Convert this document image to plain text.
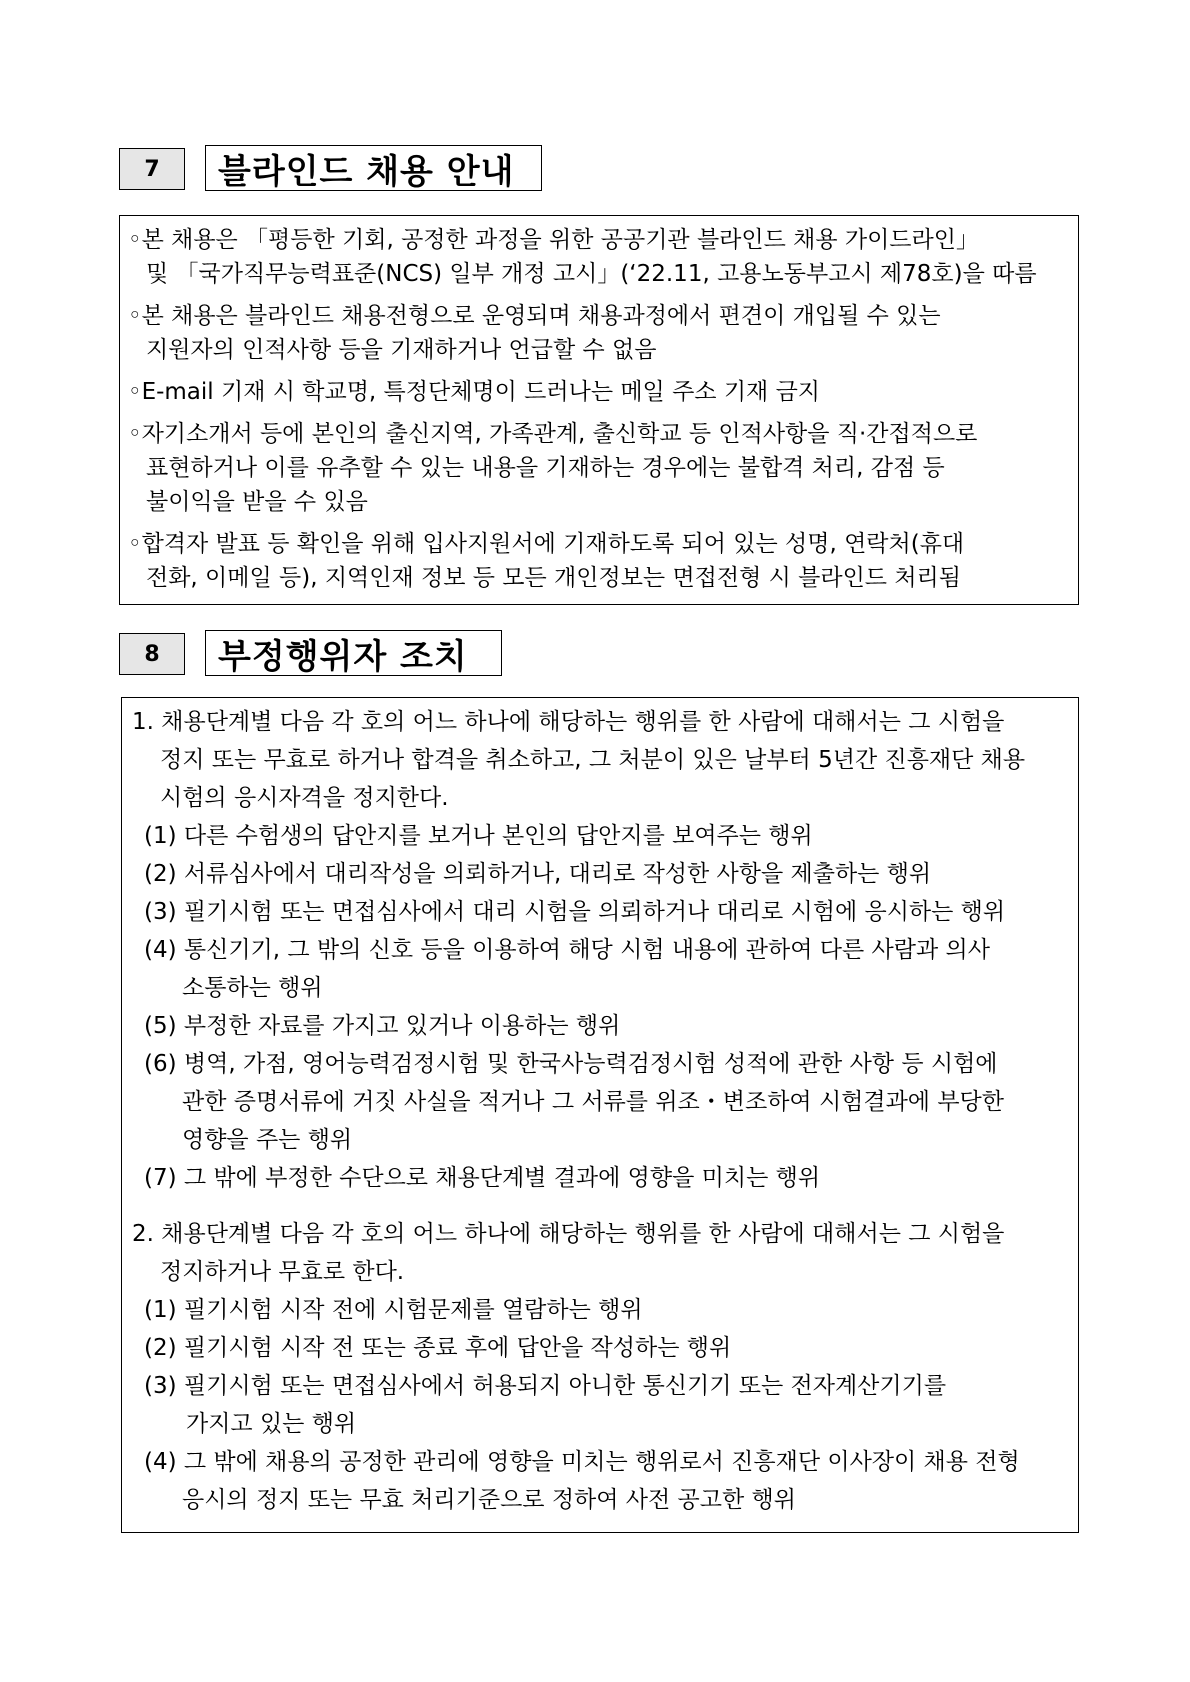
7	블라인드 채용 안내
◦본 채용은 「평등한 기회, 공정한 과정을 위한 공공기관 블라인드 채용 가이드라인」
및 「국가직무능력표준(NCS) 일부 개정 고시」(‘22.11, 고용노동부고시 제78호)을 따름
◦본 채용은 블라인드 채용전형으로 운영되며 채용과정에서 편견이 개입될 수 있는
지원자의 인적사항 등을 기재하거나 언급할 수 없음
◦E-mail 기재 시 학교명, 특정단체명이 드러나는 메일 주소 기재 금지
◦자기소개서 등에 본인의 출신지역, 가족관계, 출신학교 등 인적사항을 직·간접적으로
표현하거나 이를 유추할 수 있는 내용을 기재하는 경우에는 불합격 처리, 감점 등
불이익을 받을 수 있음
◦합격자 발표 등 확인을 위해 입사지원서에 기재하도록 되어 있는 성명, 연락처(휴대
전화, 이메일 등), 지역인재 정보 등 모든 개인정보는 면접전형 시 블라인드 처리됨
8	부정행위자 조치
1. 채용단계별 다음 각 호의 어느 하나에 해당하는 행위를 한 사람에 대해서는 그 시험을
정지 또는 무효로 하거나 합격을 취소하고, 그 처분이 있은 날부터 5년간 진흥재단 채용
시험의 응시자격을 정지한다.
(1) 다른 수험생의 답안지를 보거나 본인의 답안지를 보여주는 행위
(2) 서류심사에서 대리작성을 의뢰하거나, 대리로 작성한 사항을 제출하는 행위
(3) 필기시험 또는 면접심사에서 대리 시험을 의뢰하거나 대리로 시험에 응시하는 행위
(4) 통신기기, 그 밖의 신호 등을 이용하여 해당 시험 내용에 관하여 다른 사람과 의사
소통하는 행위
(5) 부정한 자료를 가지고 있거나 이용하는 행위
(6) 병역, 가점, 영어능력검정시험 및 한국사능력검정시험 성적에 관한 사항 등 시험에
관한 증명서류에 거짓 사실을 적거나 그 서류를 위조・변조하여 시험결과에 부당한
영향을 주는 행위
(7) 그 밖에 부정한 수단으로 채용단계별 결과에 영향을 미치는 행위
2. 채용단계별 다음 각 호의 어느 하나에 해당하는 행위를 한 사람에 대해서는 그 시험을
정지하거나 무효로 한다.
(1) 필기시험 시작 전에 시험문제를 열람하는 행위
(2) 필기시험 시작 전 또는 종료 후에 답안을 작성하는 행위
(3) 필기시험 또는 면접심사에서 허용되지 아니한 통신기기 또는 전자계산기기를
가지고 있는 행위
(4) 그 밖에 채용의 공정한 관리에 영향을 미치는 행위로서 진흥재단 이사장이 채용 전형
응시의 정지 또는 무효 처리기준으로 정하여 사전 공고한 행위
